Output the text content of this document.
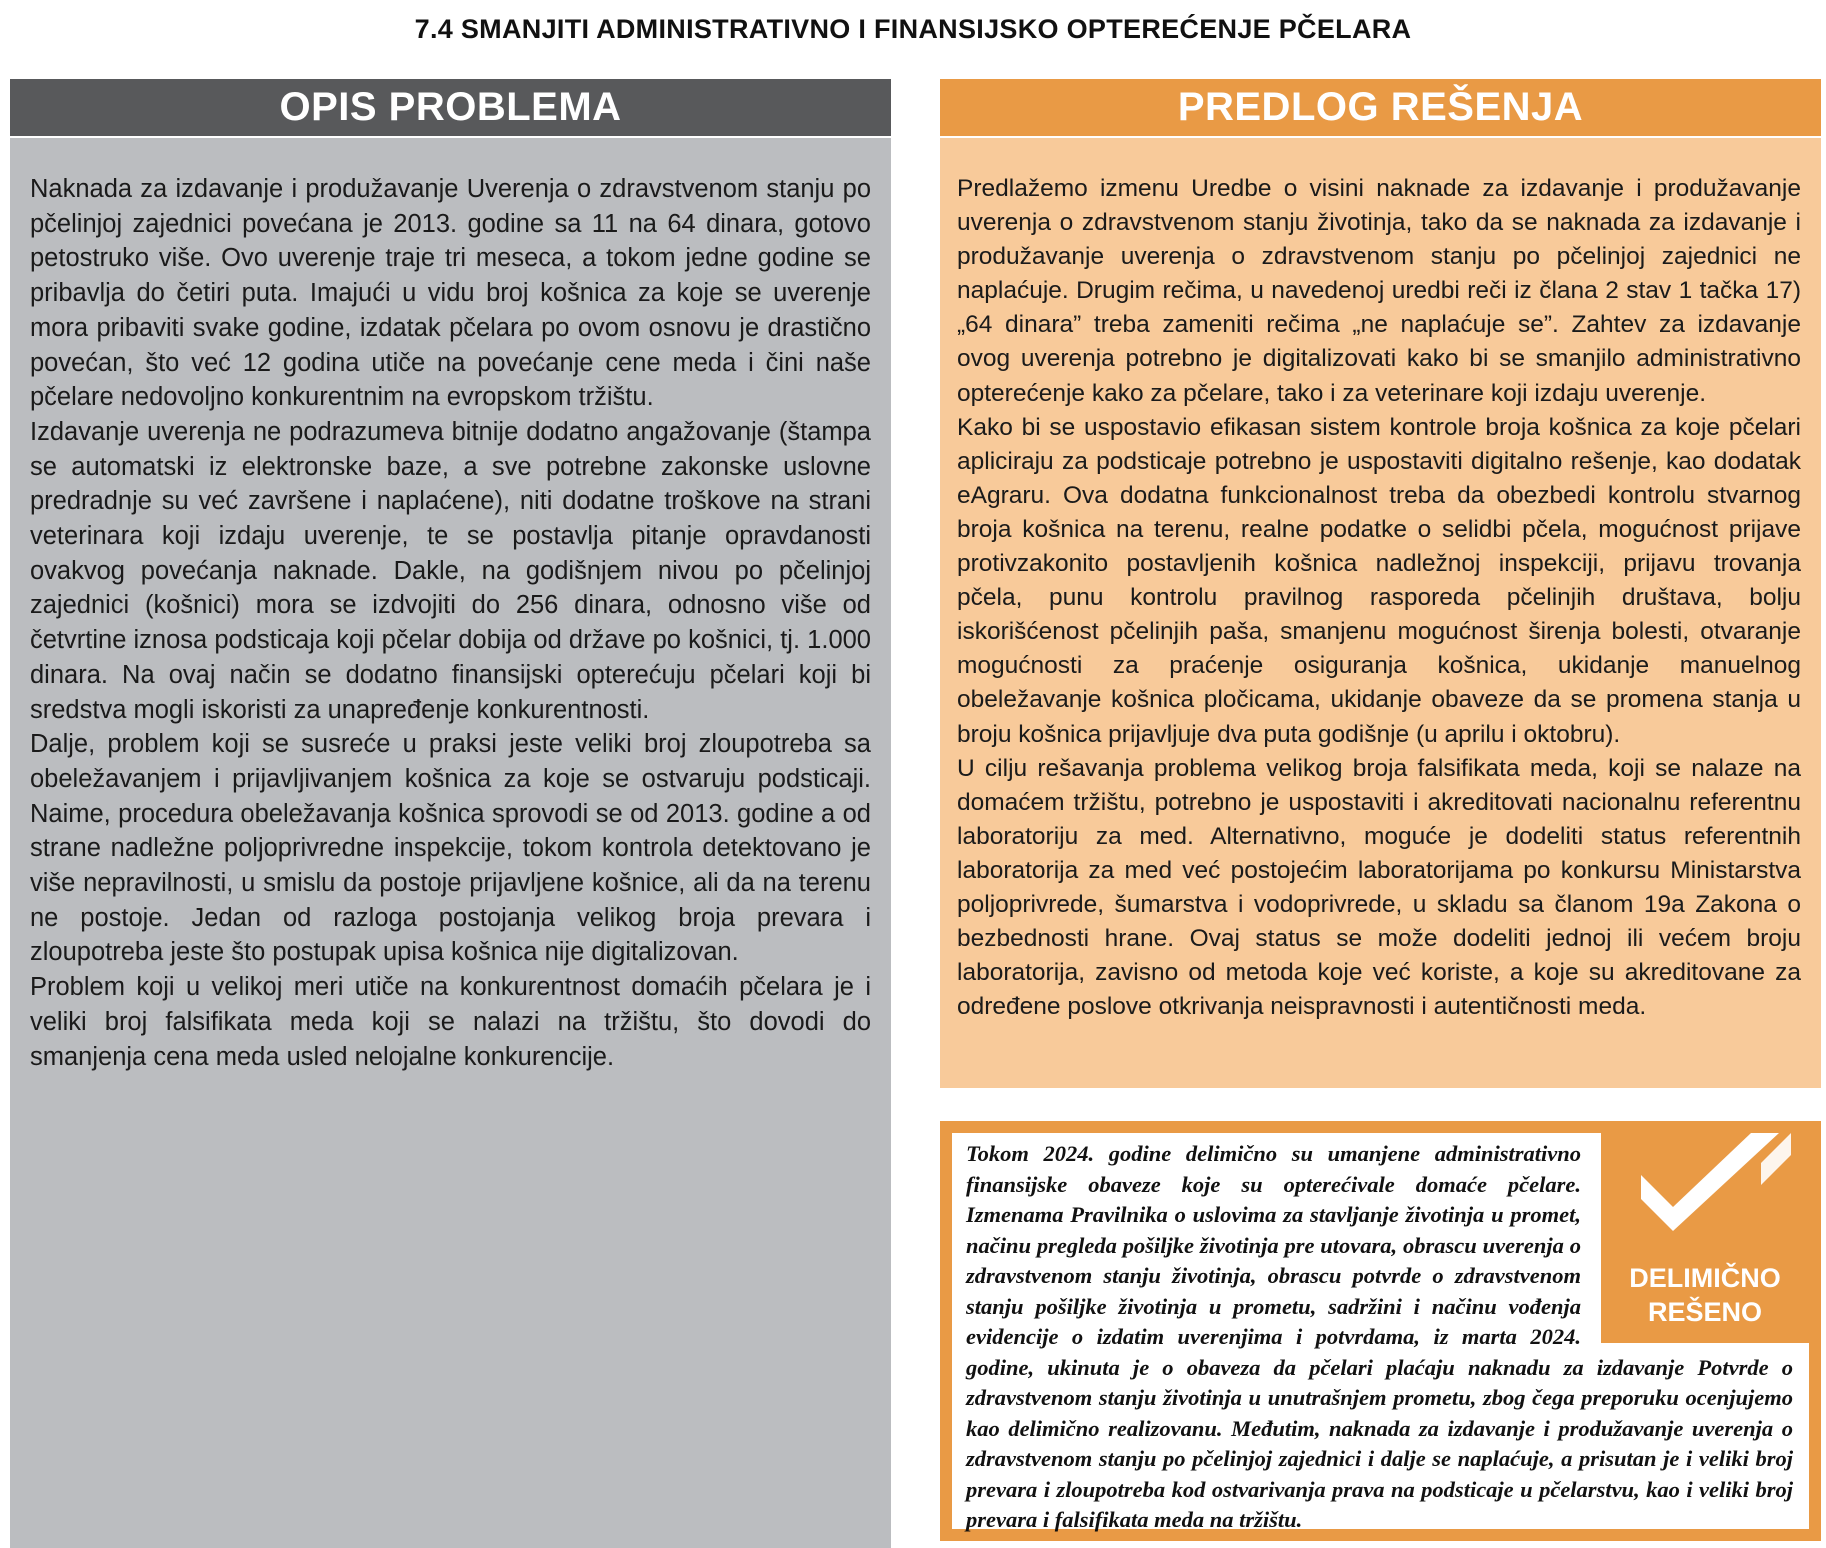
7.4 SMANJITI ADMINISTRATIVNO I FINANSIJSKO OPTEREĆENJE PČELARA
OPIS PROBLEMA	PREDLOG REŠENJA

Naknada za izdavanje i produžavanje Uverenja o zdravstvenom stanju po pčelinjoj zajednici povećana je 2013. godine sa 11 na 64 dinara, gotovo petostruko više. Ovo uverenje traje tri meseca, a tokom jedne godine se pribavlja do četiri puta. Imajući u vidu broj košnica za koje se uverenje mora pribaviti svake godine, izdatak pčelara po ovom osnovu je drastično povećan, što već 12 godina utiče na povećanje cene meda i čini naše pčelare nedovoljno konkurentnim na evropskom tržištu.

Izdavanje uverenja ne podrazumeva bitnije dodatno angažovanje (štampa se automatski iz elektronske baze, a sve potrebne zakonske uslovne predradnje su već završene i naplaćene), niti dodatne troškove na strani veterinara koji izdaju uverenje, te se postavlja pitanje opravdanosti ovakvog povećanja naknade. Dakle, na godišnjem nivou po pčelinjoj zajednici (košnici) mora se izdvojiti do 256 dinara, odnosno više od četvrtine iznosa podsticaja koji pčelar dobija od države po košnici, tj. 1.000 dinara. Na ovaj način se dodatno finansijski opterećuju pčelari koji bi sredstva mogli iskoristi za unapređenje konkurentnosti.

Dalje, problem koji se susreće u praksi jeste veliki broj zloupotreba sa obeležavanjem i prijavljivanjem košnica za koje se ostvaruju podsticaji. Naime, procedura obeležavanja košnica sprovodi se od 2013. godine a od strane nadležne poljoprivredne inspekcije, tokom kontrola detektovano je više nepravilnosti, u smislu da postoje prijavljene košnice, ali da na terenu ne postoje. Jedan od razloga postojanja velikog broja prevara i zloupotreba jeste što postupak upisa košnica nije digitalizovan.

Problem koji u velikoj meri utiče na konkurentnost domaćih pčelara je i veliki broj falsifikata meda koji se nalazi na tržištu, što dovodi do smanjenja cena meda usled nelojalne konkurencije.

Predlažemo izmenu Uredbe o visini naknade za izdavanje i produžavanje uverenja o zdravstvenom stanju životinja, tako da se naknada za izdavanje i produžavanje uverenja o zdravstvenom stanju po pčelinjoj zajednici ne naplaćuje. Drugim rečima, u navedenoj uredbi reči iz člana 2 stav 1 tačka 17) „64 dinara” treba zameniti rečima „ne naplaćuje se”. Zahtev za izdavanje ovog uverenja potrebno je digitalizovati kako bi se smanjilo administrativno opterećenje kako za pčelare, tako i za veterinare koji izdaju uverenje.

Kako bi se uspostavio efikasan sistem kontrole broja košnica za koje pčelari apliciraju za podsticaje potrebno je uspostaviti digitalno rešenje, kao dodatak eAgraru. Ova dodatna funkcionalnost treba da obezbedi kontrolu stvarnog broja košnica na terenu, realne podatke o selidbi pčela, mogućnost prijave protivzakonito postavljenih košnica nadležnoj inspekciji, prijavu trovanja pčela, punu kontrolu pravilnog rasporeda pčelinjih društava, bolju iskorišćenost pčelinjih paša, smanjenu mogućnost širenja bolesti, otvaranje mogućnosti za praćenje osiguranja košnica, ukidanje manuelnog obeležavanje košnica pločicama, ukidanje obaveze da se promena stanja u broju košnica prijavljuje dva puta godišnje (u aprilu i oktobru).

U cilju rešavanja problema velikog broja falsifikata meda, koji se nalaze na domaćem tržištu, potrebno je uspostaviti i akreditovati nacionalnu referentnu laboratoriju za med. Alternativno, moguće je dodeliti status referentnih laboratorija za med već postojećim laboratorijama po konkursu Ministarstva poljoprivrede, šumarstva i vodoprivrede, u skladu sa članom 19a Zakona o bezbednosti hrane. Ovaj status se može dodeliti jednoj ili većem broju laboratorija, zavisno od metoda koje već koriste, a koje su akreditovane za određene poslove otkrivanja neispravnosti i autentičnosti meda.

Tokom 2024. godine delimično su umanjene administrativno finansijske obaveze koje su opterećivale domaće pčelare. Izmenama Pravilnika o uslovima za stavljanje životinja u promet, načinu pregleda pošiljke životinja pre utovara, obrascu uverenja o zdravstvenom stanju životinja, obrascu potvrde o zdravstvenom stanju pošiljke životinja u prometu, sadržini i načinu vođenja evidencije o izdatim uverenjima i potvrdama, iz marta 2024. godine, ukinuta je o obaveza da pčelari plaćaju naknadu za izdavanje Potvrde o zdravstvenom stanju životinja u unutrašnjem prometu, zbog čega preporuku ocenjujemo kao delimično realizovanu. Međutim, naknada za izdavanje i produžavanje uverenja o zdravstvenom stanju po pčelinjoj zajednici i dalje se naplaćuje, a prisutan je i veliki broj prevara i zloupotreba kod ostvarivanja prava na podsticaje u pčelarstvu, kao i veliki broj prevara i falsifikata meda na tržištu.

DELIMIČNO
REŠENO
